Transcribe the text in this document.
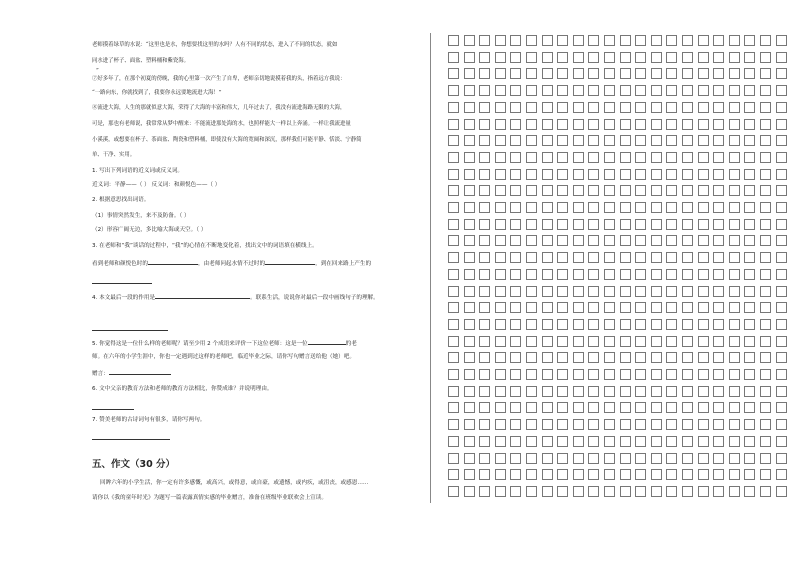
老师摸着绿草的水说：“这里也是水，你想要找这里的水吗？人有不同的状态，进入了不同的状态，就如
同水进了杯子、面盆、塑料桶和紫瓷海。
”
⑦好多年了，在那个初夏的傍晚，我的心里第一次产生了自卑，老师亲切地说摸着我的头，指着远方我说：
“一路向东，你就找到了，我要你永远要地流进大海！”
⑧流进大海，人生的那就似意大海，荣得了大海的丰富和伟大，几年过去了，我没有流进海路无限的大海，
可是，那也有老师说，我常常从梦中醒来：不能流进那处海的水，也照样能大一样以上奔涌。一样让我流进量
小溪溪，或想要在杯子、茶面盆、陶瓷和塑料桶，即使没有大海的宽阔和深沉，那样我们可能平静、恬淡、宁静简
单、干净、实用。
1. 写出下列词语的近义词或反义词。
近义词：平静——（ ） 反义词：和颜悦色——（ ）
2. 根据意思找出词语。
（1）事情突然发生，来不及防备。（ ）
（2）形容广阔无边，多比喻大海或天空。（ ）
3. 在老师和“我”谈话的过程中，“我”的心情在不断地变化着，找出文中的词语填在横线上。
看到老师和颜悦色时的	，由老师问起水情不过时的	，到在回来路上产生的
4. 本文最后一段的作用是	。联系生活，说说你对最后一段中画线句子的理解。
5. 你觉得这是一位什么样的老师呢？请至少用 2 个成语来评价一下这位老师：这是一位	的老
师。在六年的小学生涯中，你也一定遇到过这样的老师吧，临近毕业之际，请你写句赠言送给他（她）吧。
赠言：
6. 文中父亲的教育方法和老师的教育方法相比，你赞成谁？并说明理由。
7. 赞美老师的古诗词句有很多，请你写两句。
五、作文（30 分）
回眸六年的小学生活，你一定有许多感慨，或高兴，或得意，或自豪，或遗憾，或内疚，或沮丧，或感恩……
请你以《我的童年时光》为题写一篇表露真情实感的毕业赠言，准备在班级毕业联欢会上宣读。
